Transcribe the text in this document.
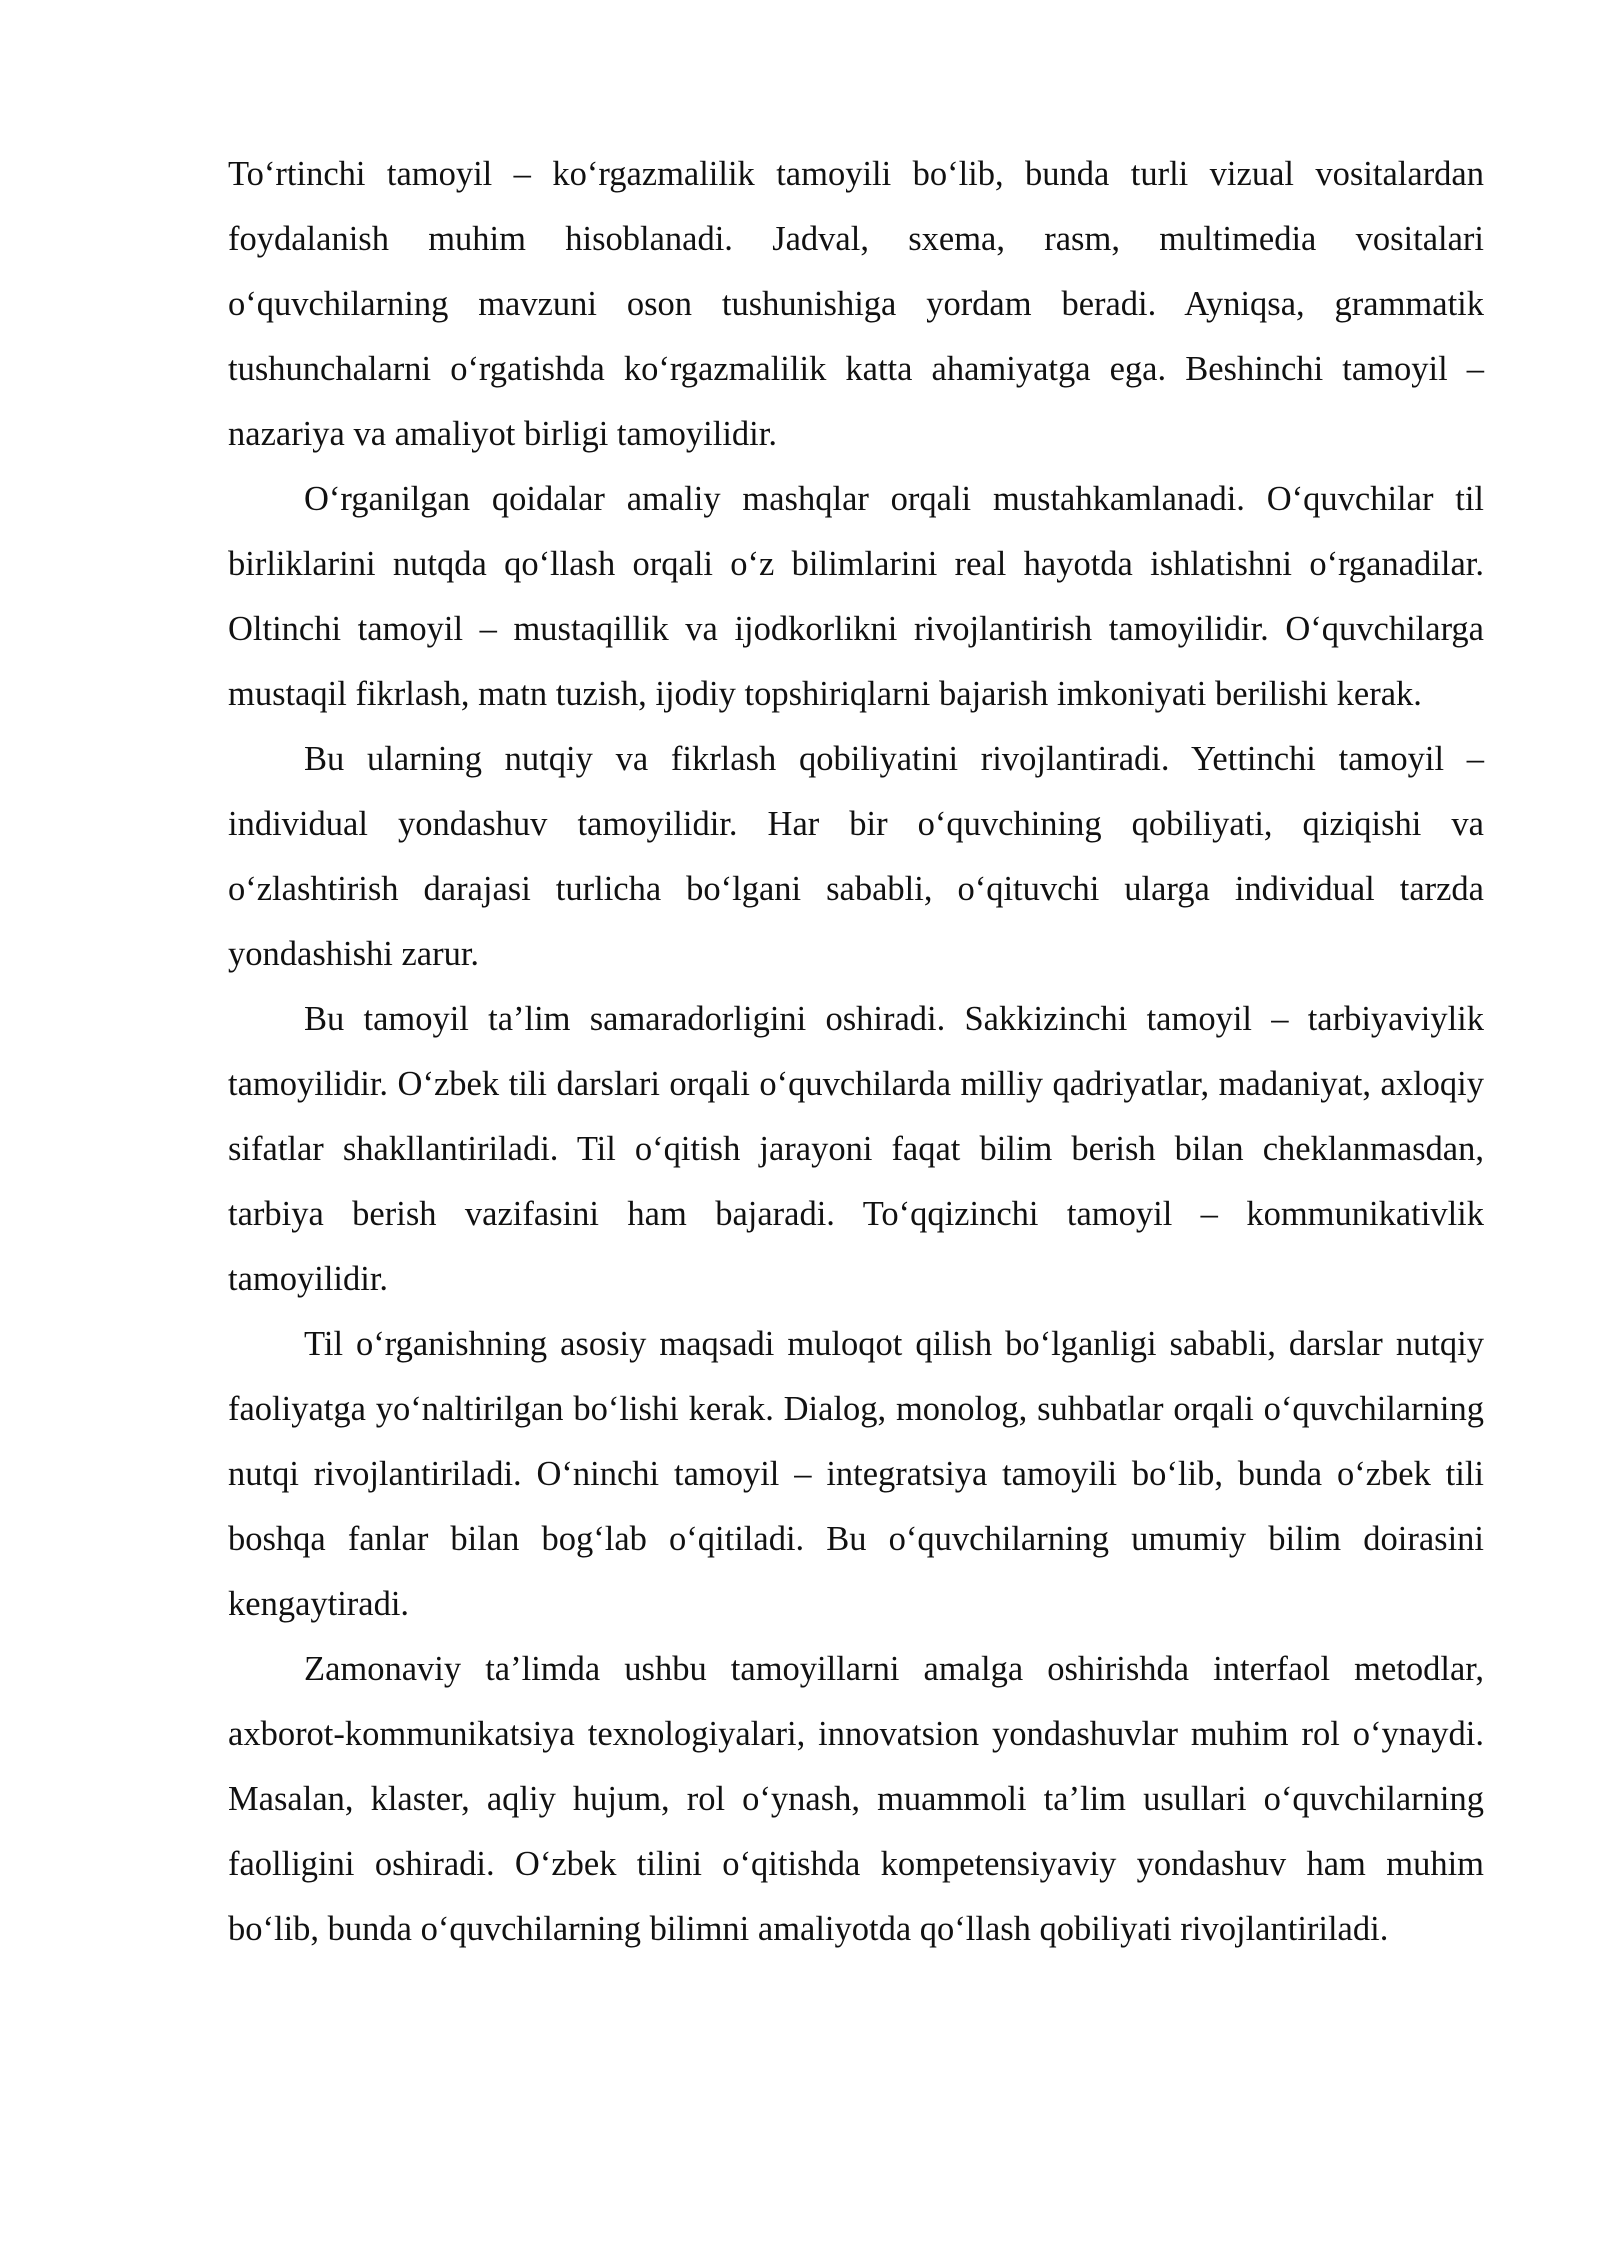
To‘rtinchi tamoyil – ko‘rgazmalilik tamoyili bo‘lib, bunda turli vizual vositalardan foydalanish muhim hisoblanadi. Jadval, sxema, rasm, multimedia vositalari o‘quvchilarning mavzuni oson tushunishiga yordam beradi. Ayniqsa, grammatik tushunchalarni o‘rgatishda ko‘rgazmalilik katta ahamiyatga ega. Beshinchi tamoyil – nazariya va amaliyot birligi tamoyilidir.

O‘rganilgan qoidalar amaliy mashqlar orqali mustahkamlanadi. O‘quvchilar til birliklarini nutqda qo‘llash orqali o‘z bilimlarini real hayotda ishlatishni o‘rganadilar. Oltinchi tamoyil – mustaqillik va ijodkorlikni rivojlantirish tamoyilidir. O‘quvchilarga mustaqil fikrlash, matn tuzish, ijodiy topshiriqlarni bajarish imkoniyati berilishi kerak.

Bu ularning nutqiy va fikrlash qobiliyatini rivojlantiradi. Yettinchi tamoyil – individual yondashuv tamoyilidir. Har bir o‘quvchining qobiliyati, qiziqishi va o‘zlashtirish darajasi turlicha bo‘lgani sababli, o‘qituvchi ularga individual tarzda yondashishi zarur.

Bu tamoyil ta’lim samaradorligini oshiradi. Sakkizinchi tamoyil – tarbiyaviylik tamoyilidir. O‘zbek tili darslari orqali o‘quvchilarda milliy qadriyatlar, madaniyat, axloqiy sifatlar shakllantiriladi. Til o‘qitish jarayoni faqat bilim berish bilan cheklanmasdan, tarbiya berish vazifasini ham bajaradi. To‘qqizinchi tamoyil – kommunikativlik tamoyilidir.

Til o‘rganishning asosiy maqsadi muloqot qilish bo‘lganligi sababli, darslar nutqiy faoliyatga yo‘naltirilgan bo‘lishi kerak. Dialog, monolog, suhbatlar orqali o‘quvchilarning nutqi rivojlantiriladi. O‘ninchi tamoyil – integratsiya tamoyili bo‘lib, bunda o‘zbek tili boshqa fanlar bilan bog‘lab o‘qitiladi. Bu o‘quvchilarning umumiy bilim doirasini kengaytiradi.

Zamonaviy ta’limda ushbu tamoyillarni amalga oshirishda interfaol metodlar, axborot-kommunikatsiya texnologiyalari, innovatsion yondashuvlar muhim rol o‘ynaydi. Masalan, klaster, aqliy hujum, rol o‘ynash, muammoli ta’lim usullari o‘quvchilarning faolligini oshiradi. O‘zbek tilini o‘qitishda kompetensiyaviy yondashuv ham muhim bo‘lib, bunda o‘quvchilarning bilimni amaliyotda qo‘llash qobiliyati rivojlantiriladi.
